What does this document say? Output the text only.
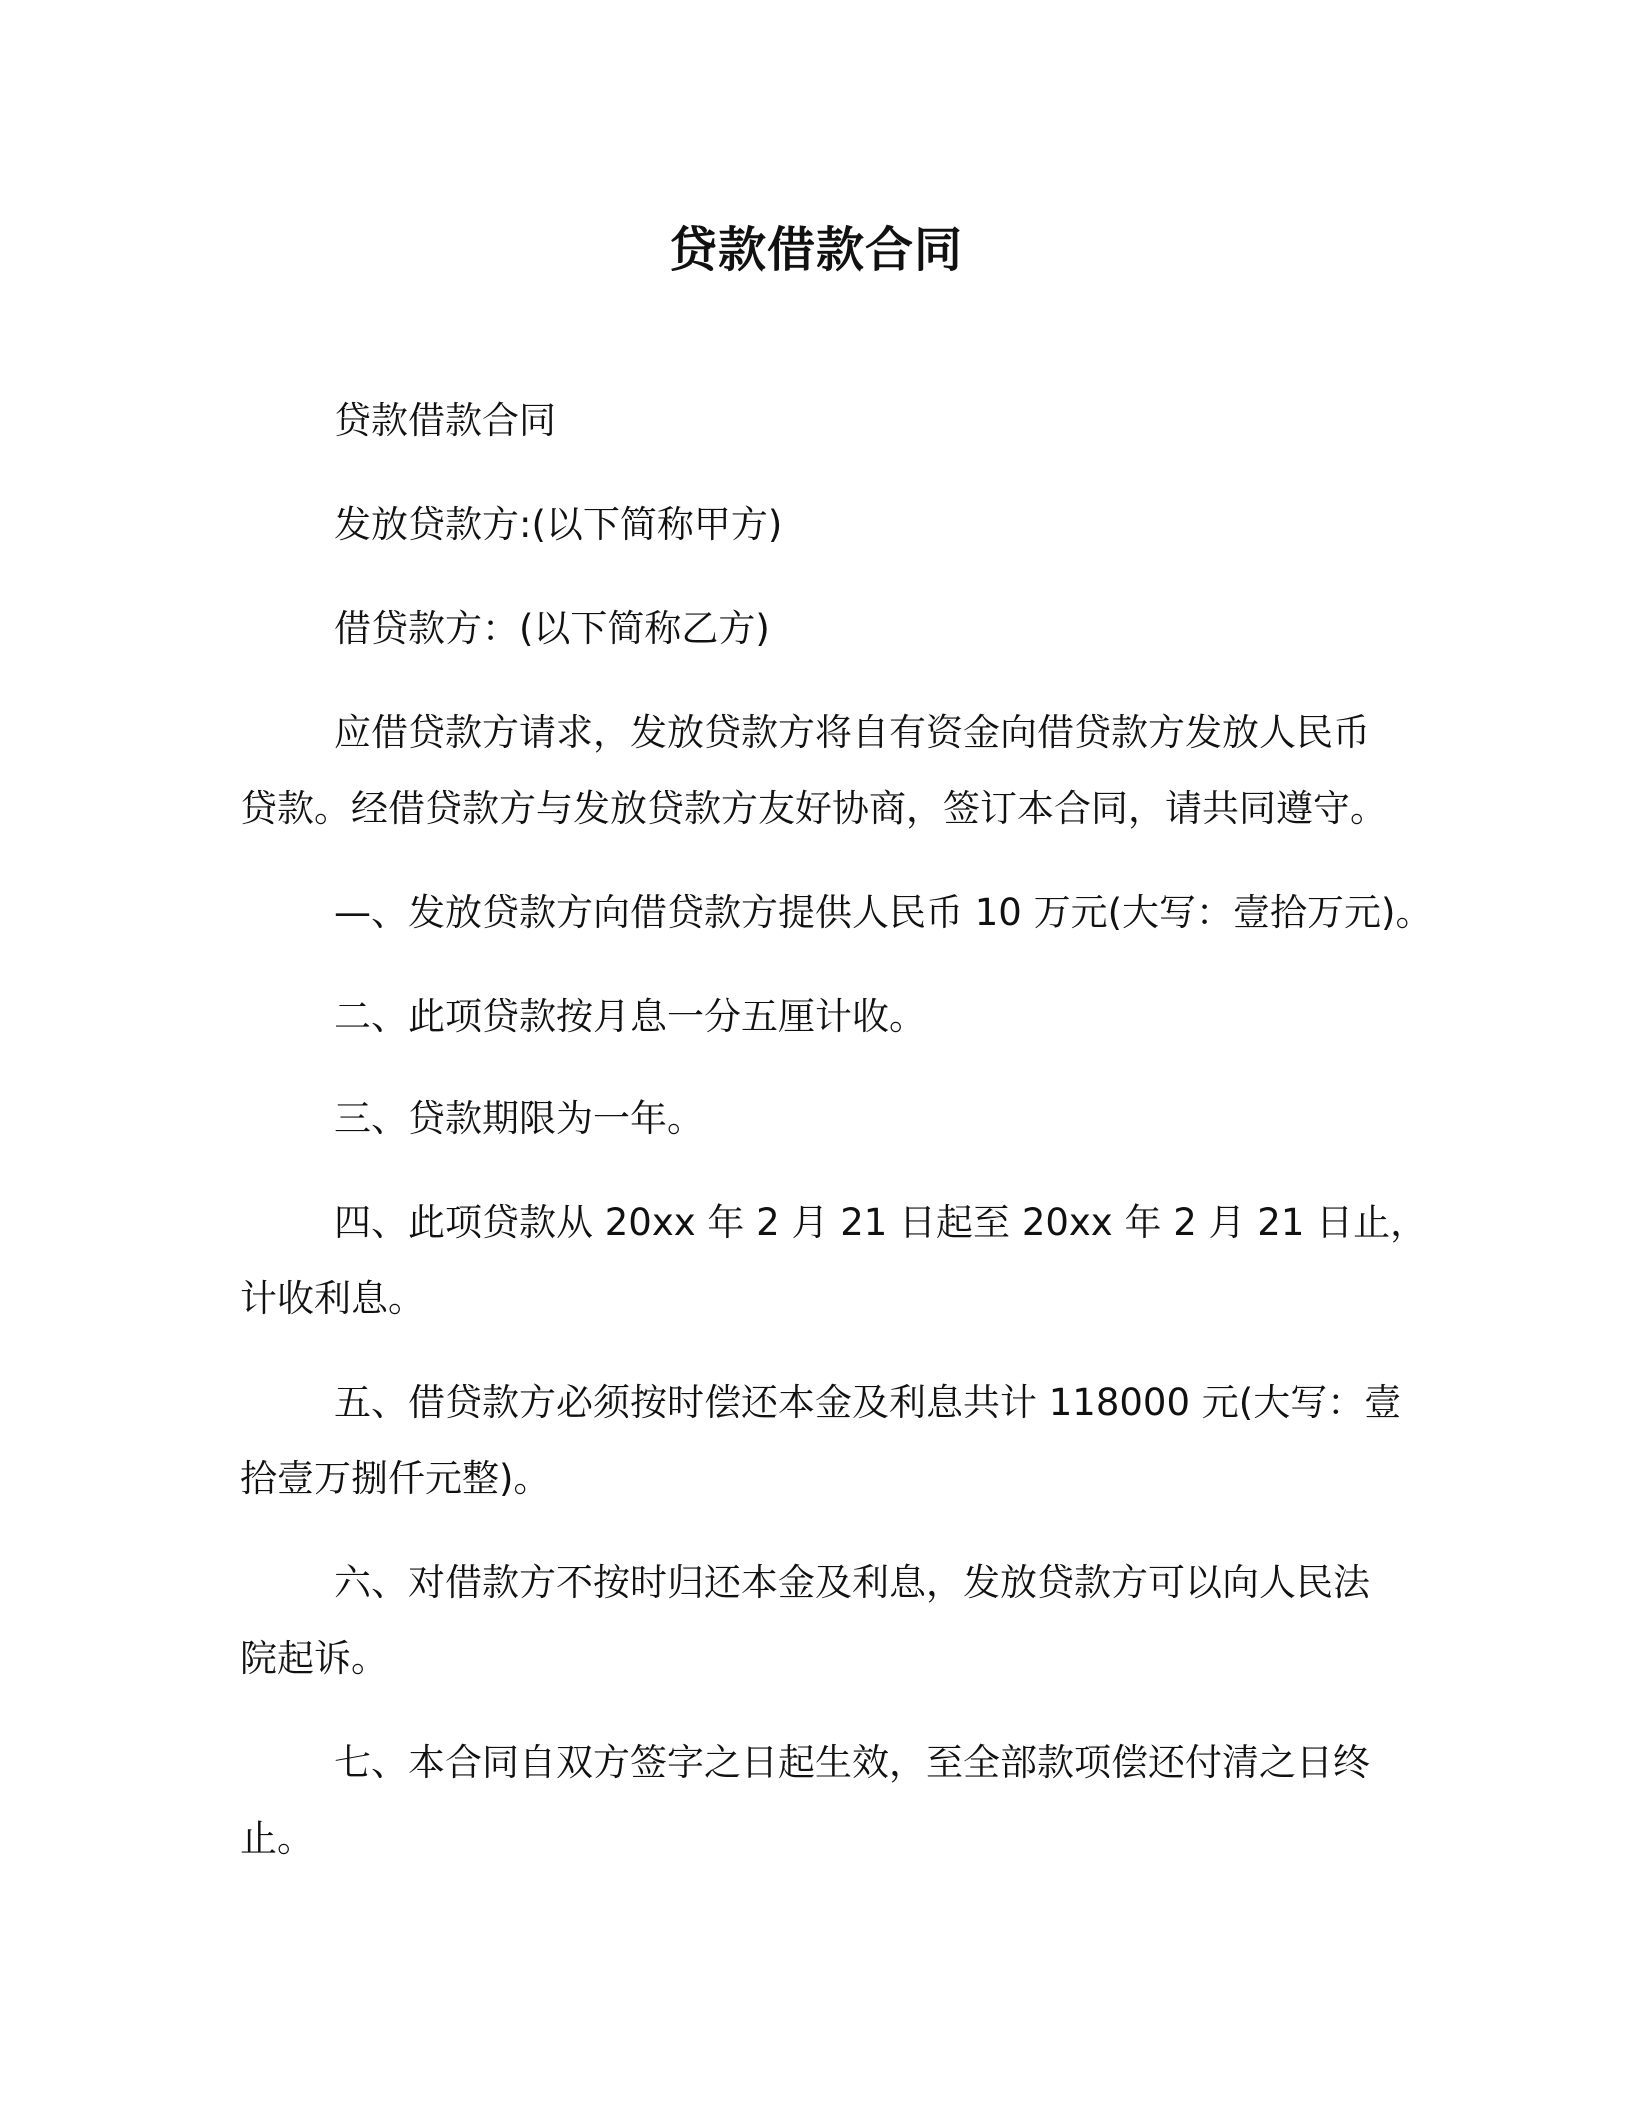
贷款借款合同

贷款借款合同

发放贷款方:(以下简称甲方)

借贷款方：(以下简称乙方)

应借贷款方请求，发放贷款方将自有资金向借贷款方发放人民币

贷款。经借贷款方与发放贷款方友好协商，签订本合同，请共同遵守。

—、发放贷款方向借贷款方提供人民币 10 万元(大写：壹拾万元)。

二、此项贷款按月息一分五厘计收。

三、贷款期限为一年。

四、此项贷款从 20xx 年 2 月 21 日起至 20xx 年 2 月 21 日止，

计收利息。

五、借贷款方必须按时偿还本金及利息共计 118000 元(大写：壹

拾壹万捌仟元整)。

六、对借款方不按时归还本金及利息，发放贷款方可以向人民法

院起诉。

七、本合同自双方签字之日起生效，至全部款项偿还付清之日终

止。
